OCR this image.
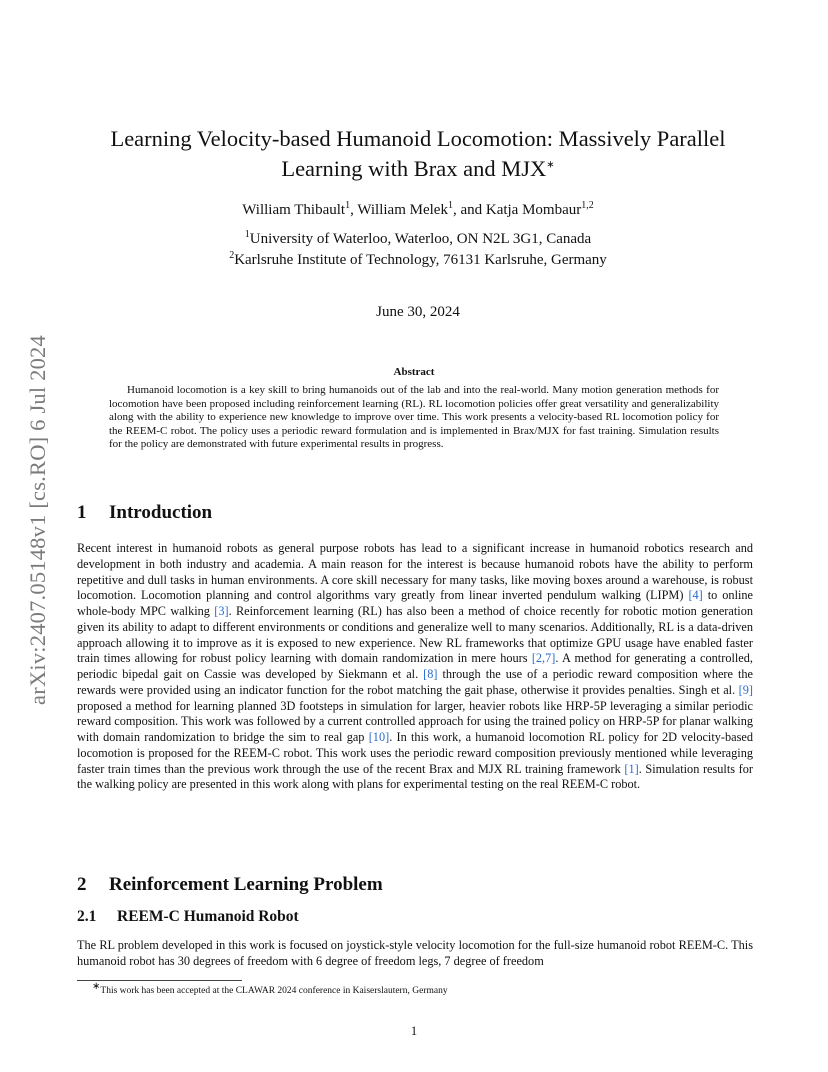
arXiv:2407.05148v1 [cs.RO] 6 Jul 2024
Learning Velocity-based Humanoid Locomotion: Massively Parallel
Learning with Brax and MJX∗
William Thibault$^1$, William Melek$^1$, and Katja Mombaur$^{1,2}$
$^1$University of Waterloo, Waterloo, ON N2L 3G1, Canada
$^2$Karlsruhe Institute of Technology, 76131 Karlsruhe, Germany
June 30, 2024
Abstract
Humanoid locomotion is a key skill to bring humanoids out of the lab and into the real-world. Many motion generation methods for locomotion have been proposed including reinforcement learning (RL). RL locomotion policies offer great versatility and generalizability along with the ability to experience new knowledge to improve over time. This work presents a velocity-based RL locomotion policy for the REEM-C robot. The policy uses a periodic reward formulation and is implemented in Brax/MJX for fast training. Simulation results for the policy are demonstrated with future experimental results in progress.
1 Introduction
Recent interest in humanoid robots as general purpose robots has lead to a significant increase in humanoid robotics research and development in both industry and academia. A main reason for the interest is because humanoid robots have the ability to perform repetitive and dull tasks in human environments. A core skill necessary for many tasks, like moving boxes around a warehouse, is robust locomotion. Locomotion planning and control algorithms vary greatly from linear inverted pendulum walking (LIPM) [4] to online whole-body MPC walking [3]. Reinforcement learning (RL) has also been a method of choice recently for robotic motion generation given its ability to adapt to different environments or conditions and generalize well to many scenarios. Additionally, RL is a data-driven approach allowing it to improve as it is exposed to new experience. New RL frameworks that optimize GPU usage have enabled faster train times allowing for robust policy learning with domain randomization in mere hours [2,7]. A method for generating a controlled, periodic bipedal gait on Cassie was developed by Siekmann et al. [8] through the use of a periodic reward composition where the rewards were provided using an indicator function for the robot matching the gait phase, otherwise it provides penalties. Singh et al. [9] proposed a method for learning planned 3D footsteps in simulation for larger, heavier robots like HRP-5P leveraging a similar periodic reward composition. This work was followed by a current controlled approach for using the trained policy on HRP-5P for planar walking with domain randomization to bridge the sim to real gap [10]. In this work, a humanoid locomotion RL policy for 2D velocity-based locomotion is proposed for the REEM-C robot. This work uses the periodic reward composition previously mentioned while leveraging faster train times than the previous work through the use of the recent Brax and MJX RL training framework [1]. Simulation results for the walking policy are presented in this work along with plans for experimental testing on the real REEM-C robot.
2 Reinforcement Learning Problem
2.1 REEM-C Humanoid Robot
The RL problem developed in this work is focused on joystick-style velocity locomotion for the full-size humanoid robot REEM-C. This humanoid robot has 30 degrees of freedom with 6 degree of freedom legs, 7 degree of freedom
∗This work has been accepted at the CLAWAR 2024 conference in Kaiserslautern, Germany
1
